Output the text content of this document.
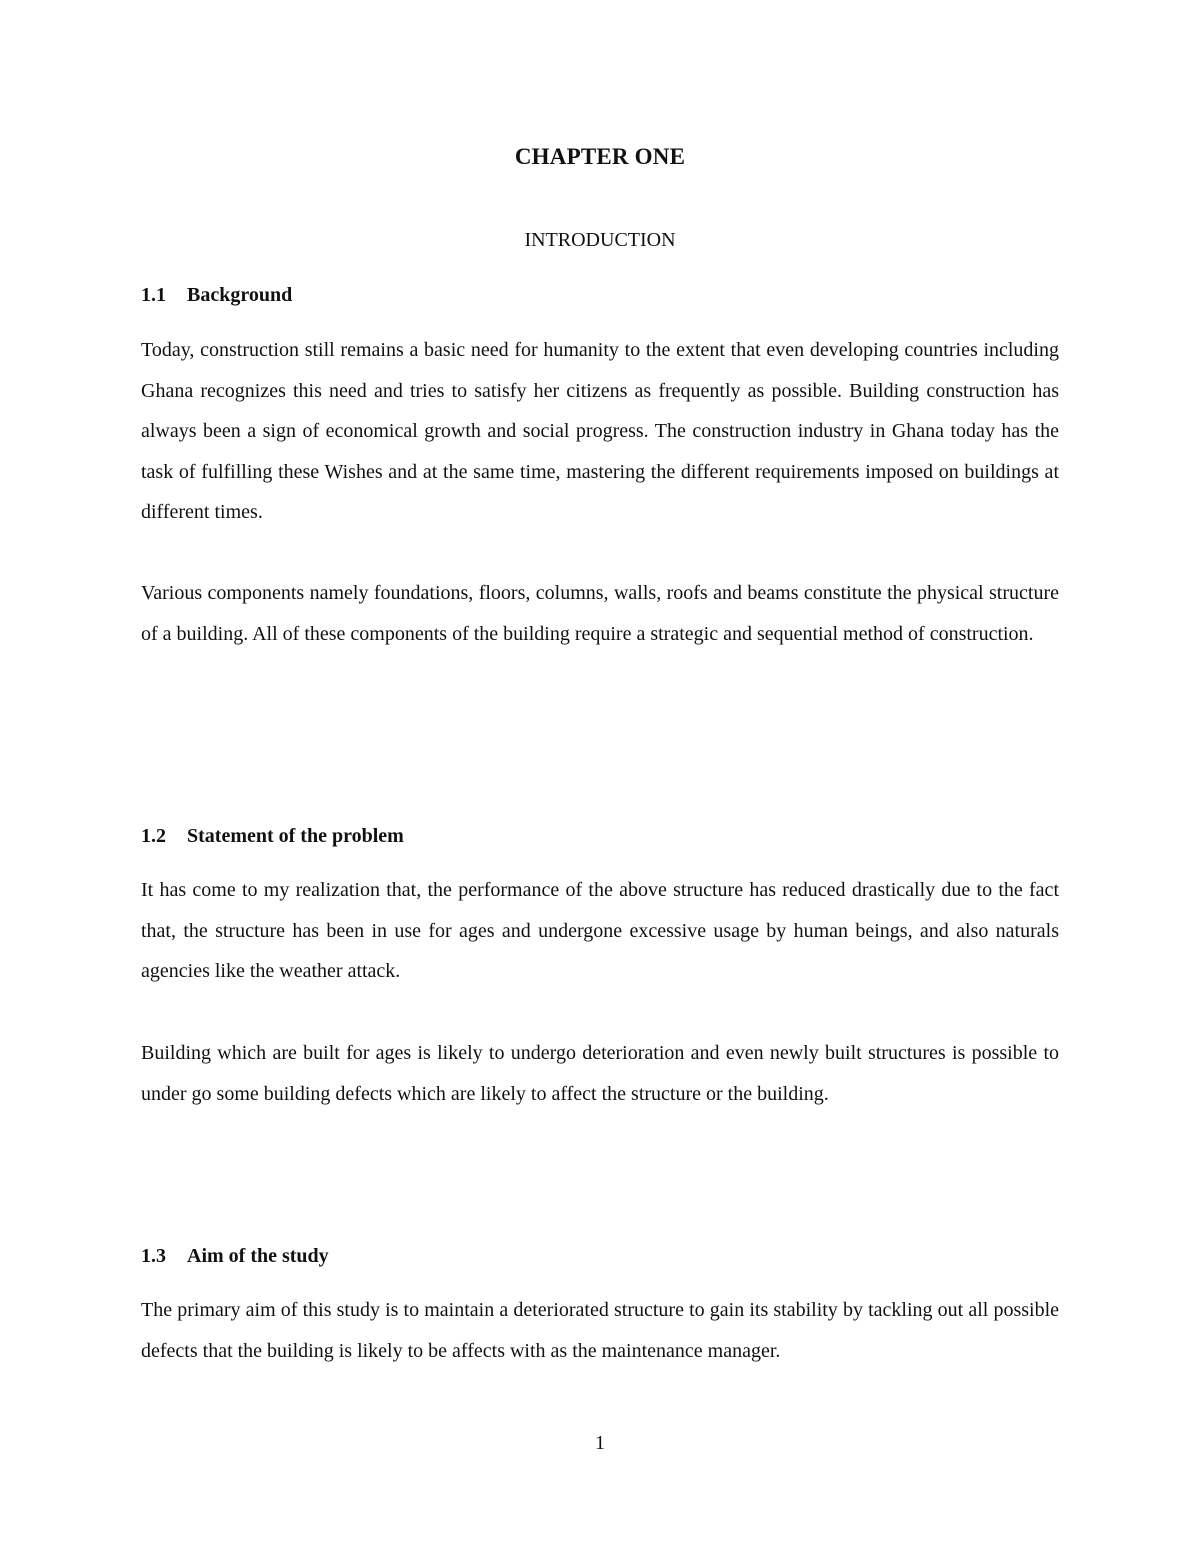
CHAPTER ONE
INTRODUCTION
1.1 Background

Today, construction still remains a basic need for humanity to the extent that even developing countries including Ghana recognizes this need and tries to satisfy her citizens as frequently as possible. Building construction has always been a sign of economical growth and social progress. The construction industry in Ghana today has the task of fulfilling these Wishes and at the same time, mastering the different requirements imposed on buildings at different times.

Various components namely foundations, floors, columns, walls, roofs and beams constitute the physical structure of a building. All of these components of the building require a strategic and sequential method of construction.

1.2 Statement of the problem

It has come to my realization that, the performance of the above structure has reduced drastically due to the fact that, the structure has been in use for ages and undergone excessive usage by human beings, and also naturals agencies like the weather attack.

Building which are built for ages is likely to undergo deterioration and even newly built structures is possible to under go some building defects which are likely to affect the structure or the building.

1.3 Aim of the study

The primary aim of this study is to maintain a deteriorated structure to gain its stability by tackling out all possible defects that the building is likely to be affects with as the maintenance manager.

1
